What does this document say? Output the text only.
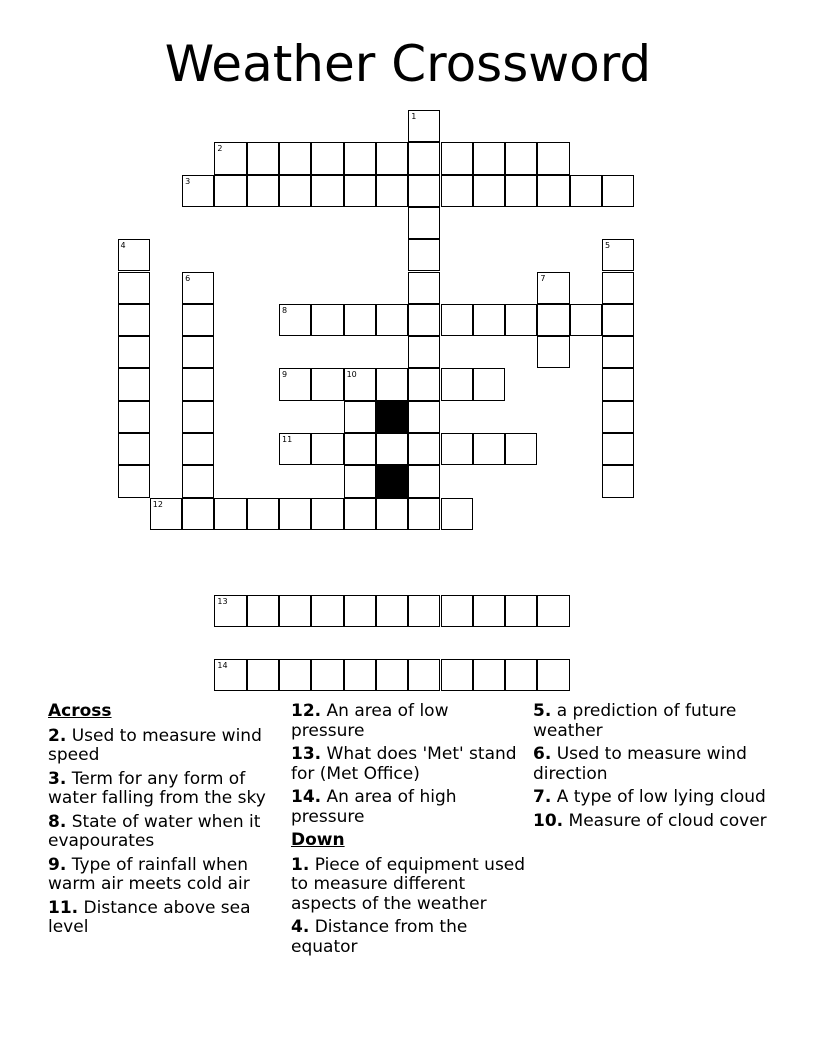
Weather Crossword
1
2
3
4	5
6	7
8
9	10
11
12
13
14
Across
2. Used to measure wind speed
3. Term for any form of water falling from the sky
8. State of water when it evapourates
9. Type of rainfall when warm air meets cold air
11. Distance above sea level
12. An area of low pressure
13. What does 'Met' stand for (Met Office)
14. An area of high pressure
Down
1. Piece of equipment used to measure different aspects of the weather
4. Distance from the equator
5. a prediction of future weather
6. Used to measure wind direction
7. A type of low lying cloud
10. Measure of cloud cover
